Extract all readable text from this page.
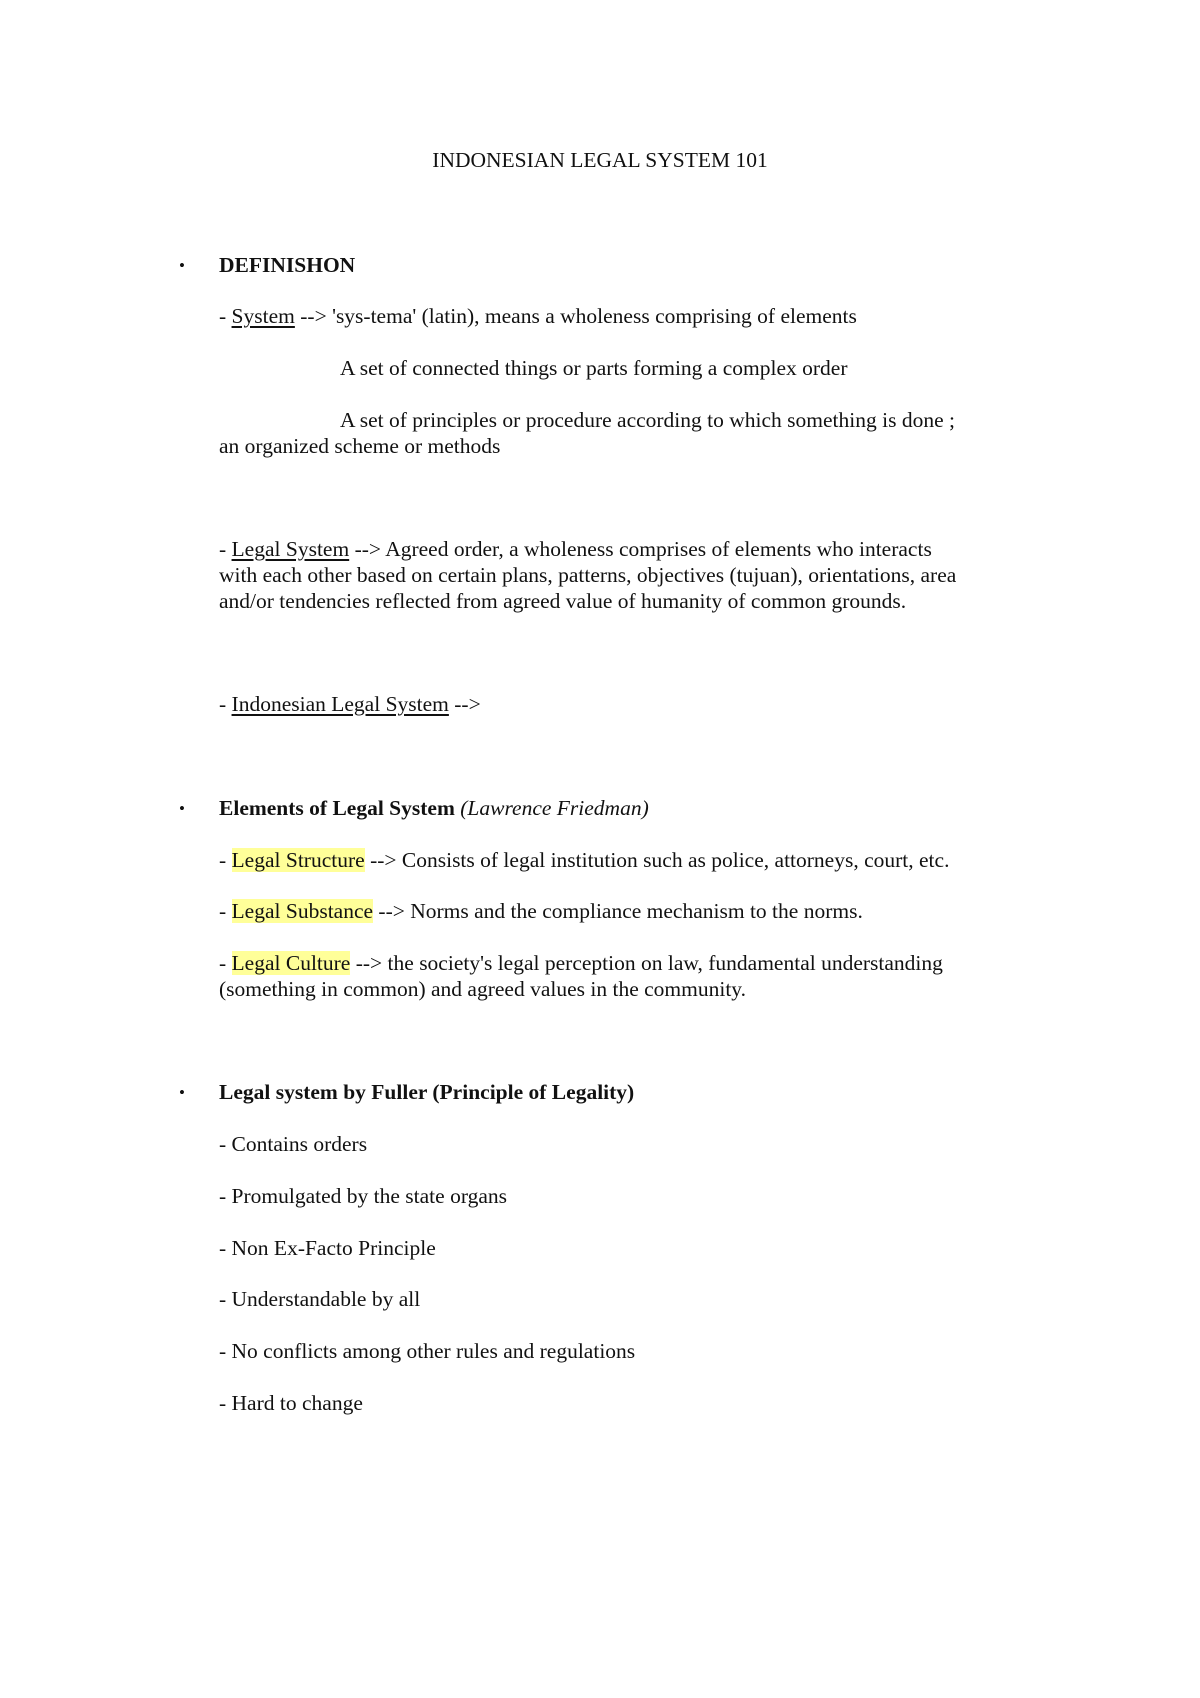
INDONESIAN LEGAL SYSTEM 101

• DEFINISHON

- System --> 'sys-tema' (latin), means a wholeness comprising of elements

A set of connected things or parts forming a complex order

A set of principles or procedure according to which something is done ;

an organized scheme or methods

- Legal System --> Agreed order, a wholeness comprises of elements who interacts

with each other based on certain plans, patterns, objectives (tujuan), orientations, area

and/or tendencies reflected from agreed value of humanity of common grounds.

- Indonesian Legal System -->

• Elements of Legal System (Lawrence Friedman)

- Legal Structure --> Consists of legal institution such as police, attorneys, court, etc.

- Legal Substance --> Norms and the compliance mechanism to the norms.

- Legal Culture --> the society's legal perception on law, fundamental understanding

(something in common) and agreed values in the community.

• Legal system by Fuller (Principle of Legality)

- Contains orders

- Promulgated by the state organs

- Non Ex-Facto Principle

- Understandable by all

- No conflicts among other rules and regulations

- Hard to change
